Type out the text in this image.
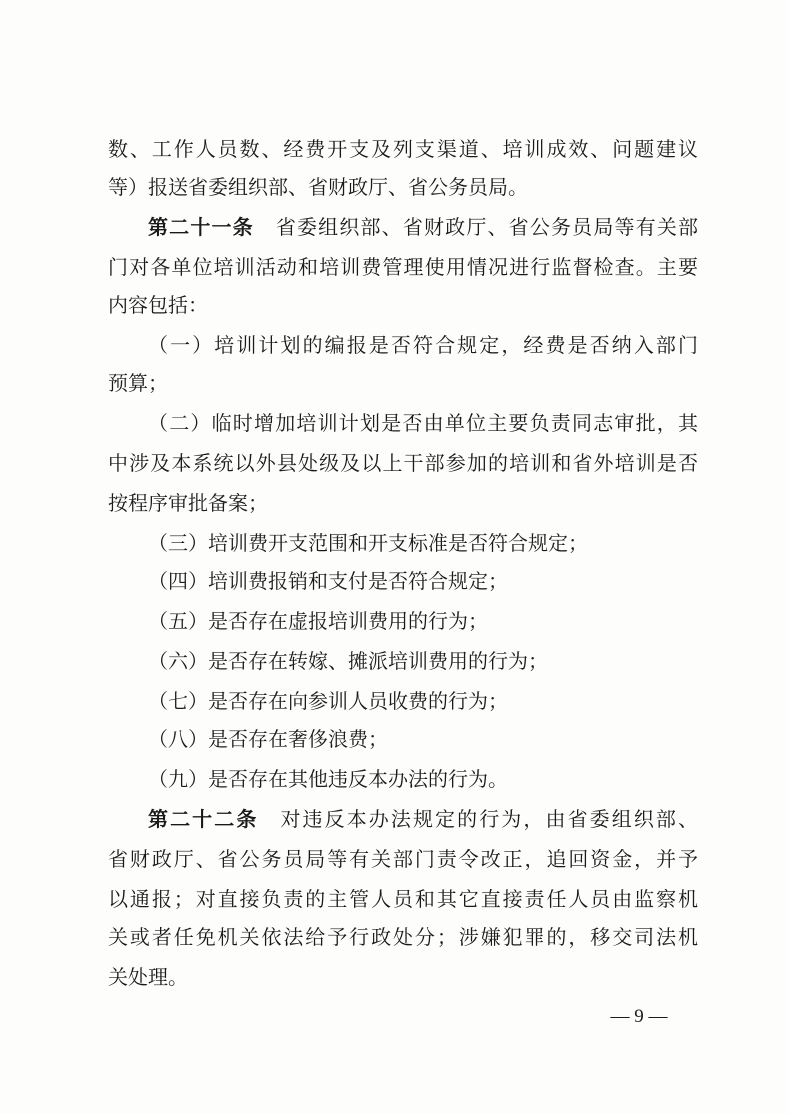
数、工作人员数、经费开支及列支渠道、培训成效、问题建议
等）报送省委组织部、省财政厅、省公务员局。
第二十一条 省委组织部、省财政厅、省公务员局等有关部
门对各单位培训活动和培训费管理使用情况进行监督检查。主要
内容包括：
（一）培训计划的编报是否符合规定，经费是否纳入部门
预算；
（二）临时增加培训计划是否由单位主要负责同志审批，其
中涉及本系统以外县处级及以上干部参加的培训和省外培训是否
按程序审批备案；
（三）培训费开支范围和开支标准是否符合规定；
（四）培训费报销和支付是否符合规定；
（五）是否存在虚报培训费用的行为；
（六）是否存在转嫁、摊派培训费用的行为；
（七）是否存在向参训人员收费的行为；
（八）是否存在奢侈浪费；
（九）是否存在其他违反本办法的行为。
第二十二条 对违反本办法规定的行为，由省委组织部、
省财政厅、省公务员局等有关部门责令改正，追回资金，并予
以通报；对直接负责的主管人员和其它直接责任人员由监察机
关或者任免机关依法给予行政处分；涉嫌犯罪的，移交司法机
关处理。
— 9 —
